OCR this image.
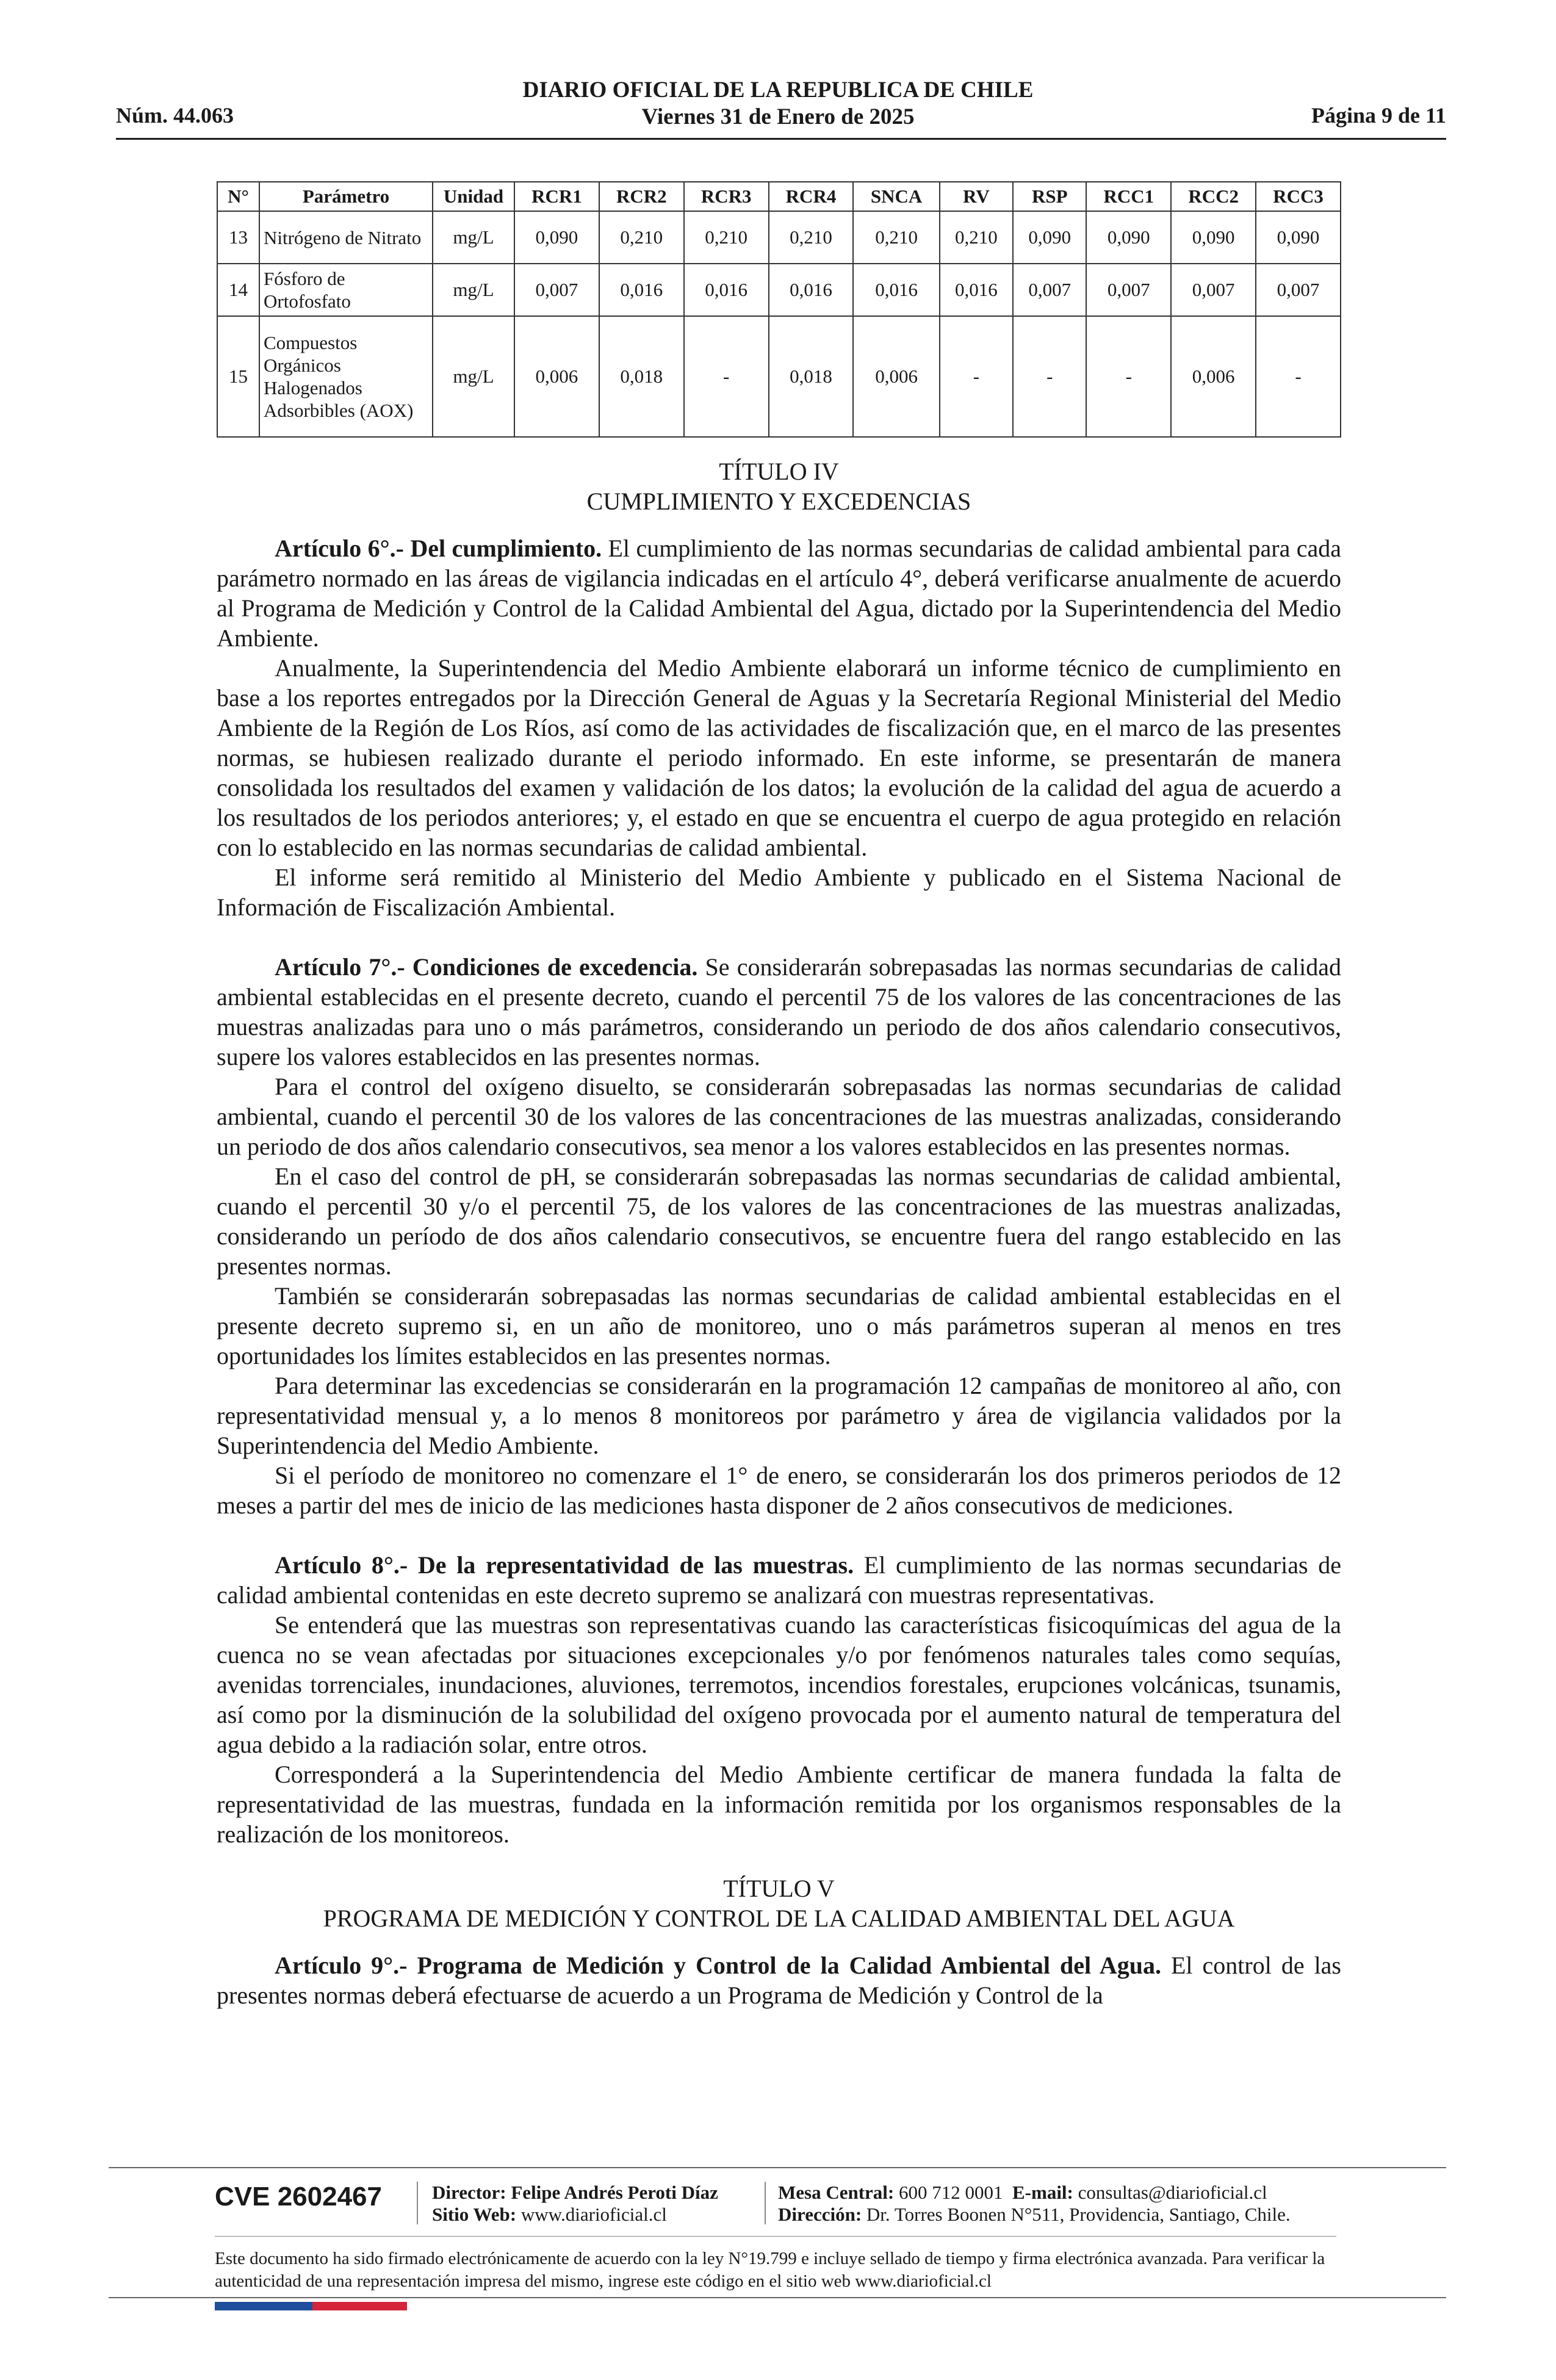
Núm. 44.063
DIARIO OFICIAL DE LA REPUBLICA DE CHILE
Viernes 31 de Enero de 2025	Página 9 de 11
N°	Parámetro	Unidad	RCR1	RCR2	RCR3	RCR4	SNCA	RV	RSP	RCC1	RCC2	RCC3
13	Nitrógeno de Nitrato	mg/L	0,090	0,210	0,210	0,210	0,210	0,210	0,090	0,090	0,090	0,090
14	Fósforo de Ortofosfato	mg/L	0,007	0,016	0,016	0,016	0,016	0,016	0,007	0,007	0,007	0,007
15	Compuestos Orgánicos Halogenados Adsorbibles (AOX)	mg/L	0,006	0,018	-	0,018	0,006	-	-	-	0,006	-
TÍTULO IV
CUMPLIMIENTO Y EXCEDENCIAS

Artículo 6°.- Del cumplimiento. El cumplimiento de las normas secundarias de calidad ambiental para cada parámetro normado en las áreas de vigilancia indicadas en el artículo 4°, deberá verificarse anualmente de acuerdo al Programa de Medición y Control de la Calidad Ambiental del Agua, dictado por la Superintendencia del Medio Ambiente.

Anualmente, la Superintendencia del Medio Ambiente elaborará un informe técnico de cumplimiento en base a los reportes entregados por la Dirección General de Aguas y la Secretaría Regional Ministerial del Medio Ambiente de la Región de Los Ríos, así como de las actividades de fiscalización que, en el marco de las presentes normas, se hubiesen realizado durante el periodo informado. En este informe, se presentarán de manera consolidada los resultados del examen y validación de los datos; la evolución de la calidad del agua de acuerdo a los resultados de los periodos anteriores; y, el estado en que se encuentra el cuerpo de agua protegido en relación con lo establecido en las normas secundarias de calidad ambiental.

El informe será remitido al Ministerio del Medio Ambiente y publicado en el Sistema Nacional de Información de Fiscalización Ambiental.

Artículo 7°.- Condiciones de excedencia. Se considerarán sobrepasadas las normas secundarias de calidad ambiental establecidas en el presente decreto, cuando el percentil 75 de los valores de las concentraciones de las muestras analizadas para uno o más parámetros, considerando un periodo de dos años calendario consecutivos, supere los valores establecidos en las presentes normas.

Para el control del oxígeno disuelto, se considerarán sobrepasadas las normas secundarias de calidad ambiental, cuando el percentil 30 de los valores de las concentraciones de las muestras analizadas, considerando un periodo de dos años calendario consecutivos, sea menor a los valores establecidos en las presentes normas.

En el caso del control de pH, se considerarán sobrepasadas las normas secundarias de calidad ambiental, cuando el percentil 30 y/o el percentil 75, de los valores de las concentraciones de las muestras analizadas, considerando un período de dos años calendario consecutivos, se encuentre fuera del rango establecido en las presentes normas.

También se considerarán sobrepasadas las normas secundarias de calidad ambiental establecidas en el presente decreto supremo si, en un año de monitoreo, uno o más parámetros superan al menos en tres oportunidades los límites establecidos en las presentes normas.

Para determinar las excedencias se considerarán en la programación 12 campañas de monitoreo al año, con representatividad mensual y, a lo menos 8 monitoreos por parámetro y área de vigilancia validados por la Superintendencia del Medio Ambiente.

Si el período de monitoreo no comenzare el 1° de enero, se considerarán los dos primeros periodos de 12 meses a partir del mes de inicio de las mediciones hasta disponer de 2 años consecutivos de mediciones.

Artículo 8°.- De la representatividad de las muestras. El cumplimiento de las normas secundarias de calidad ambiental contenidas en este decreto supremo se analizará con muestras representativas.

Se entenderá que las muestras son representativas cuando las características fisicoquímicas del agua de la cuenca no se vean afectadas por situaciones excepcionales y/o por fenómenos naturales tales como sequías, avenidas torrenciales, inundaciones, aluviones, terremotos, incendios forestales, erupciones volcánicas, tsunamis, así como por la disminución de la solubilidad del oxígeno provocada por el aumento natural de temperatura del agua debido a la radiación solar, entre otros.

Corresponderá a la Superintendencia del Medio Ambiente certificar de manera fundada la falta de representatividad de las muestras, fundada en la información remitida por los organismos responsables de la realización de los monitoreos.

TÍTULO V
PROGRAMA DE MEDICIÓN Y CONTROL DE LA CALIDAD AMBIENTAL DEL AGUA

Artículo 9°.- Programa de Medición y Control de la Calidad Ambiental del Agua. El control de las presentes normas deberá efectuarse de acuerdo a un Programa de Medición y Control de la

CVE 2602467	Director: Felipe Andrés Peroti Díaz
Sitio Web: www.diarioficial.cl
Mesa Central: 600 712 0001 E-mail: consultas@diarioficial.cl
Dirección: Dr. Torres Boonen N°511, Providencia, Santiago, Chile.
Este documento ha sido firmado electrónicamente de acuerdo con la ley N°19.799 e incluye sellado de tiempo y firma electrónica avanzada. Para verificar la autenticidad de una representación impresa del mismo, ingrese este código en el sitio web www.diarioficial.cl
